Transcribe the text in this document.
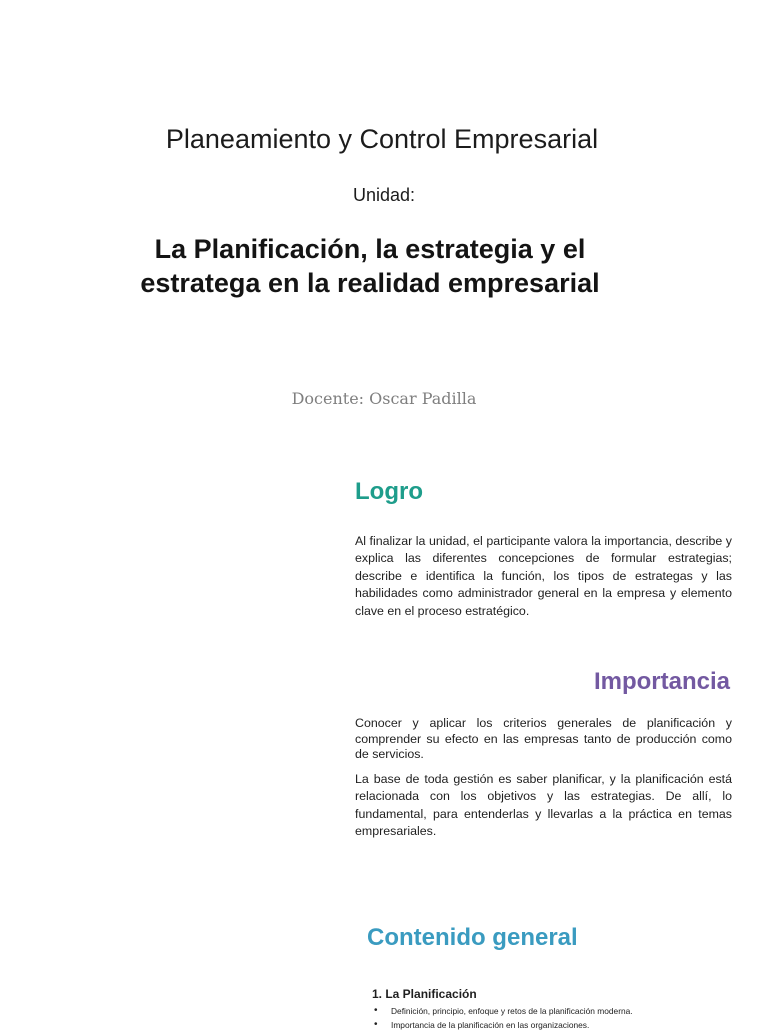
Planeamiento y Control Empresarial
Unidad:
La Planificación, la estrategia y el estratega en la realidad empresarial
Docente: Oscar Padilla
Logro

Al finalizar la unidad, el participante valora la importancia, describe y explica las diferentes concepciones de formular estrategias; describe e identifica la función, los tipos de estrategas y las habilidades como administrador general en la empresa y elemento clave en el proceso estratégico.

Importancia

Conocer y aplicar los criterios generales de planificación y comprender su efecto en las empresas tanto de producción como de servicios.

La base de toda gestión es saber planificar, y la planificación está relacionada con los objetivos y las estrategias. De allí, lo fundamental, para entenderlas y llevarlas a la práctica en temas empresariales.

Contenido general
1. La Planificación
• Definición, principio, enfoque y retos de la planificación moderna.
• Importancia de la planificación en las organizaciones.
